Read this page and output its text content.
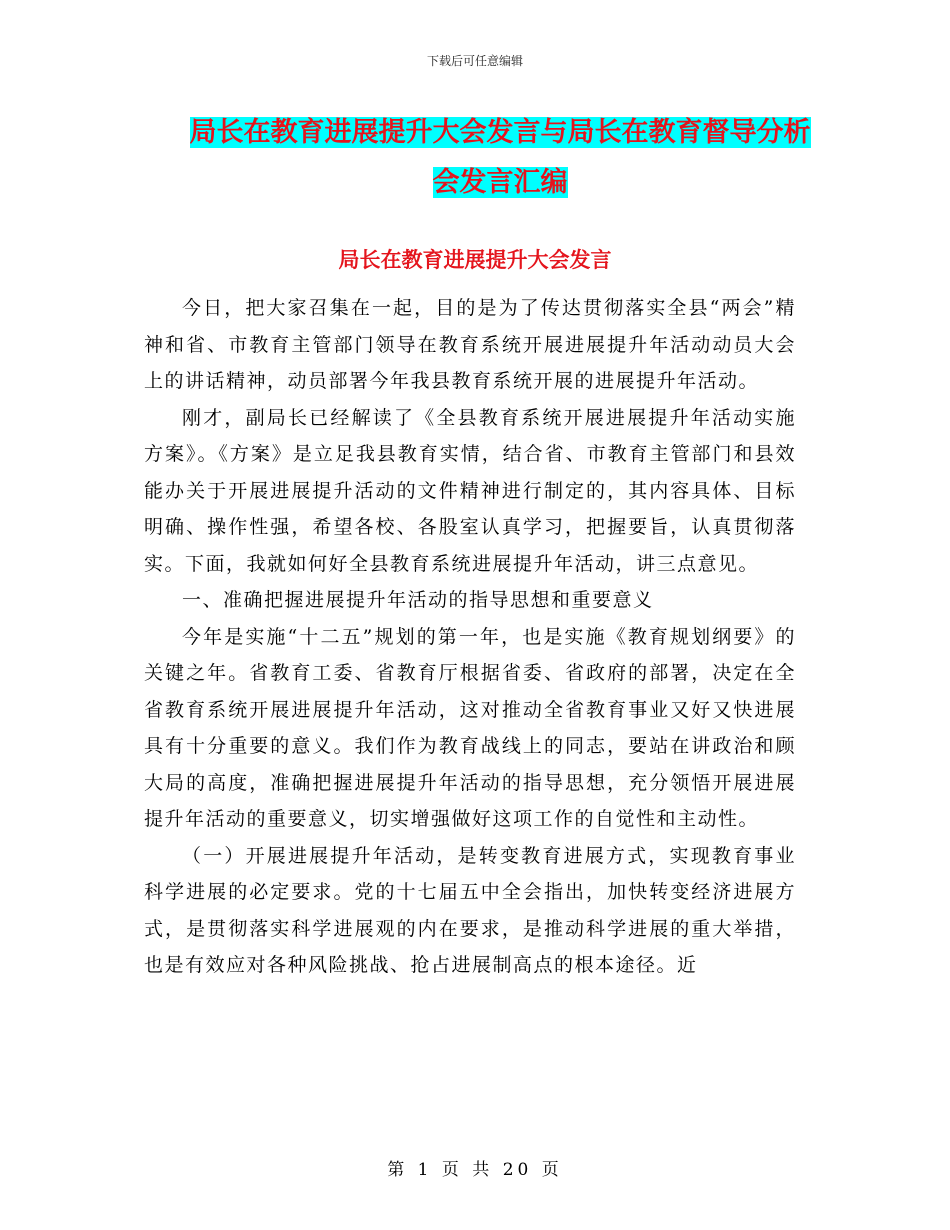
下载后可任意编辑
局长在教育进展提升大会发言与局长在教育督导分析
会发言汇编
局长在教育进展提升大会发言

今日，把大家召集在一起，目的是为了传达贯彻落实全县“两会”精神和省、市教育主管部门领导在教育系统开展进展提升年活动动员大会上的讲话精神，动员部署今年我县教育系统开展的进展提升年活动。

刚才，副局长已经解读了《全县教育系统开展进展提升年活动实施方案》。《方案》是立足我县教育实情，结合省、市教育主管部门和县效能办关于开展进展提升活动的文件精神进行制定的，其内容具体、目标明确、操作性强，希望各校、各股室认真学习，把握要旨，认真贯彻落实。下面，我就如何好全县教育系统进展提升年活动，讲三点意见。

一、准确把握进展提升年活动的指导思想和重要意义

今年是实施“十二五”规划的第一年，也是实施《教育规划纲要》的关键之年。省教育工委、省教育厅根据省委、省政府的部署，决定在全省教育系统开展进展提升年活动，这对推动全省教育事业又好又快进展具有十分重要的意义。我们作为教育战线上的同志，要站在讲政治和顾大局的高度，准确把握进展提升年活动的指导思想，充分领悟开展进展提升年活动的重要意义，切实增强做好这项工作的自觉性和主动性。

（一）开展进展提升年活动，是转变教育进展方式，实现教育事业科学进展的必定要求。党的十七届五中全会指出，加快转变经济进展方式，是贯彻落实科学进展观的内在要求，是推动科学进展的重大举措，也是有效应对各种风险挑战、抢占进展制高点的根本途径。近

第 1 页 共 20 页
